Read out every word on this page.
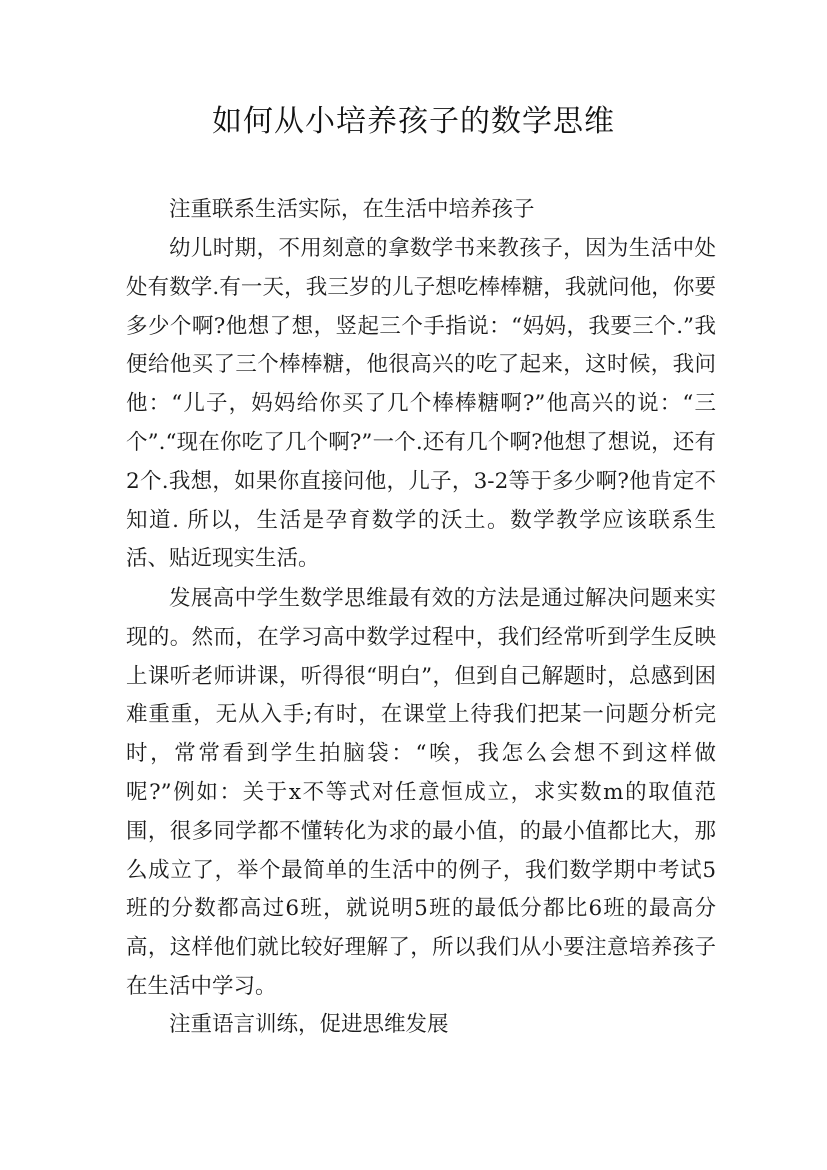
如何从小培养孩子的数学思维

注重联系生活实际，在生活中培养孩子

幼儿时期，不用刻意的拿数学书来教孩子，因为生活中处处有数学.有一天，我三岁的儿子想吃棒棒糖，我就问他，你要多少个啊?他想了想，竖起三个手指说：“妈妈，我要三个.”我便给他买了三个棒棒糖，他很高兴的吃了起来，这时候，我问他：“儿子，妈妈给你买了几个棒棒糖啊?”他高兴的说：“三个”.“现在你吃了几个啊?”一个.还有几个啊?他想了想说，还有2个.我想，如果你直接问他，儿子，3-2等于多少啊?他肯定不知道. 所以，生活是孕育数学的沃土。数学教学应该联系生活、贴近现实生活。

发展高中学生数学思维最有效的方法是通过解决问题来实现的。然而，在学习高中数学过程中，我们经常听到学生反映上课听老师讲课，听得很“明白”，但到自己解题时，总感到困难重重，无从入手;有时，在课堂上待我们把某一问题分析完时，常常看到学生拍脑袋：“唉，我怎么会想不到这样做呢?”例如：关于x不等式对任意恒成立，求实数m的取值范围，很多同学都不懂转化为求的最小值，的最小值都比大，那么成立了，举个最简单的生活中的例子，我们数学期中考试5班的分数都高过6班，就说明5班的最低分都比6班的最高分高，这样他们就比较好理解了，所以我们从小要注意培养孩子在生活中学习。

注重语言训练，促进思维发展
